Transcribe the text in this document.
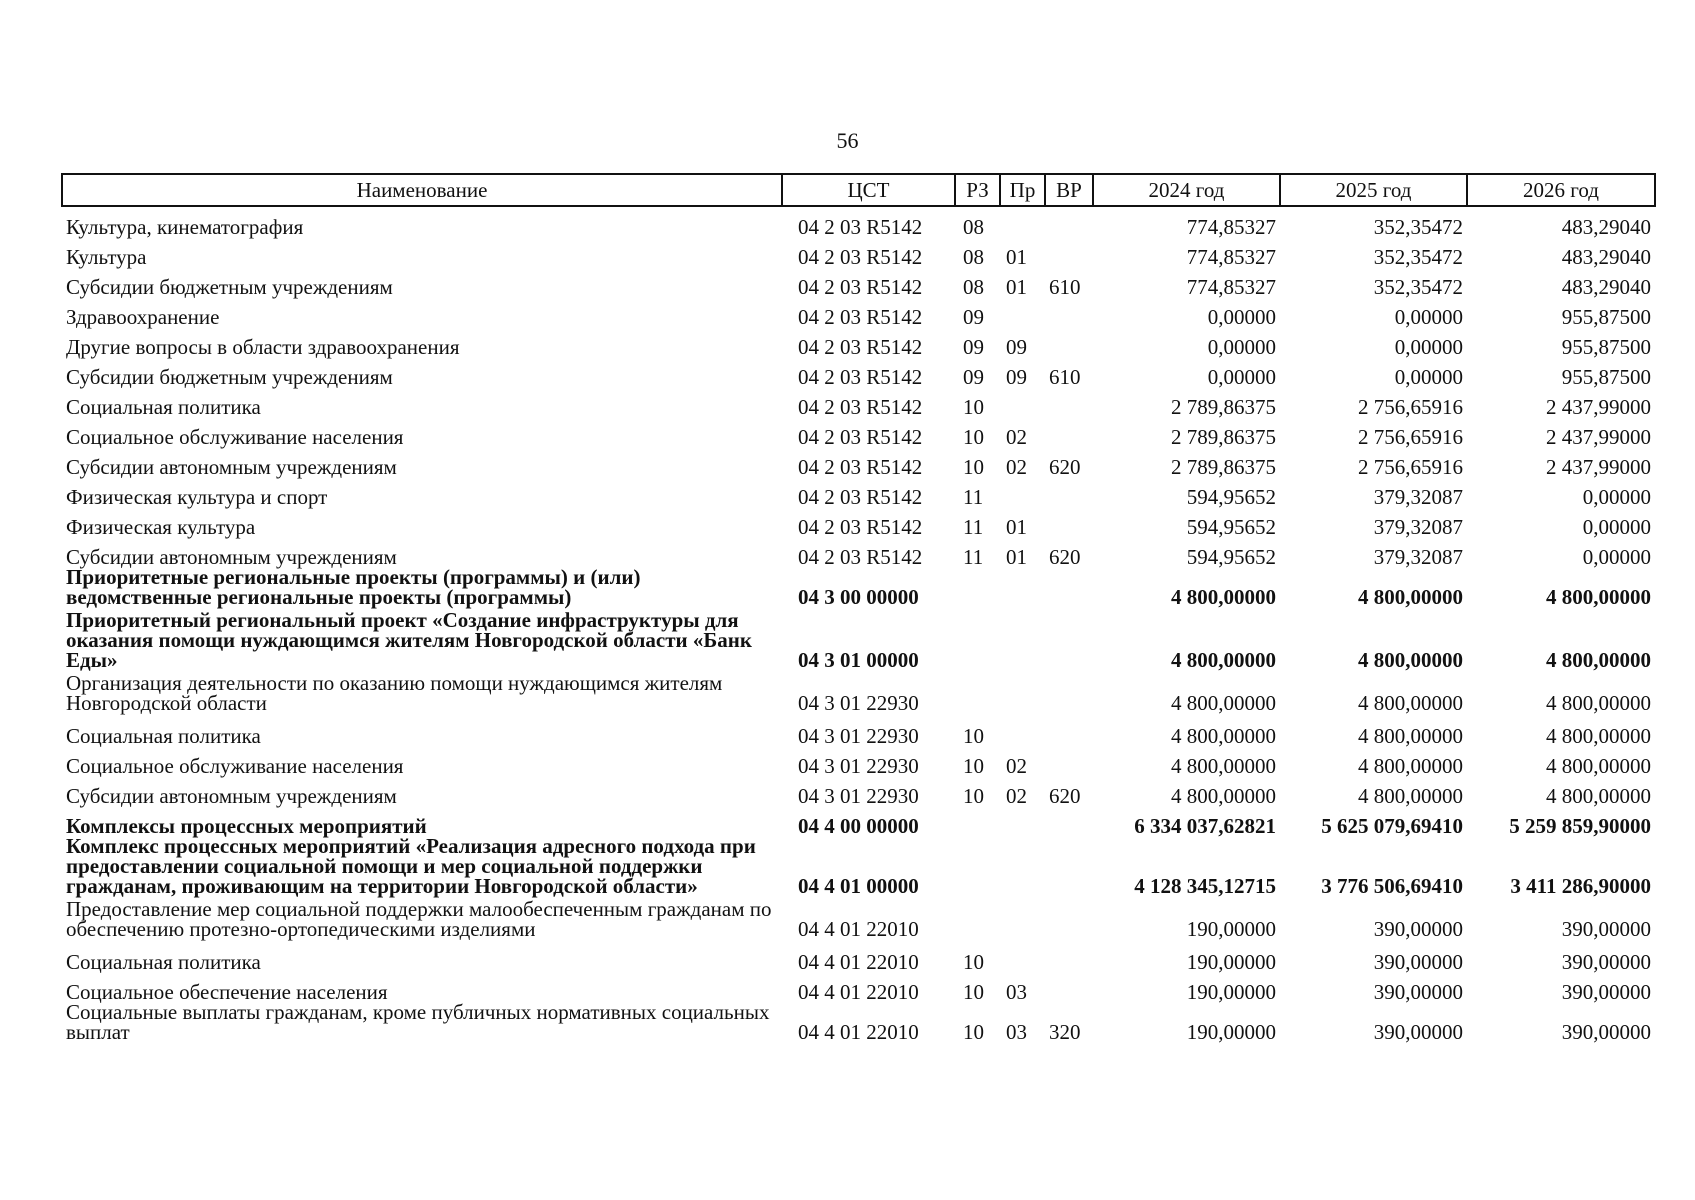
56
Наименование	ЦСТ	РЗ	Пр	ВР	2024 год	2025 год	2026 год
Культура, кинематография	04 2 03 R5142	08			774,85327	352,35472	483,29040
Культура	04 2 03 R5142	08	01		774,85327	352,35472	483,29040
Субсидии бюджетным учреждениям	04 2 03 R5142	08	01	610	774,85327	352,35472	483,29040
Здравоохранение	04 2 03 R5142	09			0,00000	0,00000	955,87500
Другие вопросы в области здравоохранения	04 2 03 R5142	09	09		0,00000	0,00000	955,87500
Субсидии бюджетным учреждениям	04 2 03 R5142	09	09	610	0,00000	0,00000	955,87500
Социальная политика	04 2 03 R5142	10			2 789,86375	2 756,65916	2 437,99000
Социальное обслуживание населения	04 2 03 R5142	10	02		2 789,86375	2 756,65916	2 437,99000
Субсидии автономным учреждениям	04 2 03 R5142	10	02	620	2 789,86375	2 756,65916	2 437,99000
Физическая культура и спорт	04 2 03 R5142	11			594,95652	379,32087	0,00000
Физическая культура	04 2 03 R5142	11	01		594,95652	379,32087	0,00000
Субсидии автономным учреждениям	04 2 03 R5142	11	01	620	594,95652	379,32087	0,00000
Приоритетные региональные проекты (программы) и (или) ведомственные региональные проекты (программы)	04 3 00 00000				4 800,00000	4 800,00000	4 800,00000
Приоритетный региональный проект «Создание инфраструктуры для оказания помощи нуждающимся жителям Новгородской области «Банк Еды»	04 3 01 00000				4 800,00000	4 800,00000	4 800,00000
Организация деятельности по оказанию помощи нуждающимся жителям Новгородской области	04 3 01 22930				4 800,00000	4 800,00000	4 800,00000
Социальная политика	04 3 01 22930	10			4 800,00000	4 800,00000	4 800,00000
Социальное обслуживание населения	04 3 01 22930	10	02		4 800,00000	4 800,00000	4 800,00000
Субсидии автономным учреждениям	04 3 01 22930	10	02	620	4 800,00000	4 800,00000	4 800,00000
Комплексы процессных мероприятий	04 4 00 00000				6 334 037,62821	5 625 079,69410	5 259 859,90000
Комплекс процессных мероприятий «Реализация адресного подхода при предоставлении социальной помощи и мер социальной поддержки гражданам, проживающим на территории Новгородской области»	04 4 01 00000				4 128 345,12715	3 776 506,69410	3 411 286,90000
Предоставление мер социальной поддержки малообеспеченным гражданам по обеспечению протезно-ортопедическими изделиями	04 4 01 22010				190,00000	390,00000	390,00000
Социальная политика	04 4 01 22010	10			190,00000	390,00000	390,00000
Социальное обеспечение населения	04 4 01 22010	10	03		190,00000	390,00000	390,00000
Социальные выплаты гражданам, кроме публичных нормативных социальных выплат	04 4 01 22010	10	03	320	190,00000	390,00000	390,00000
